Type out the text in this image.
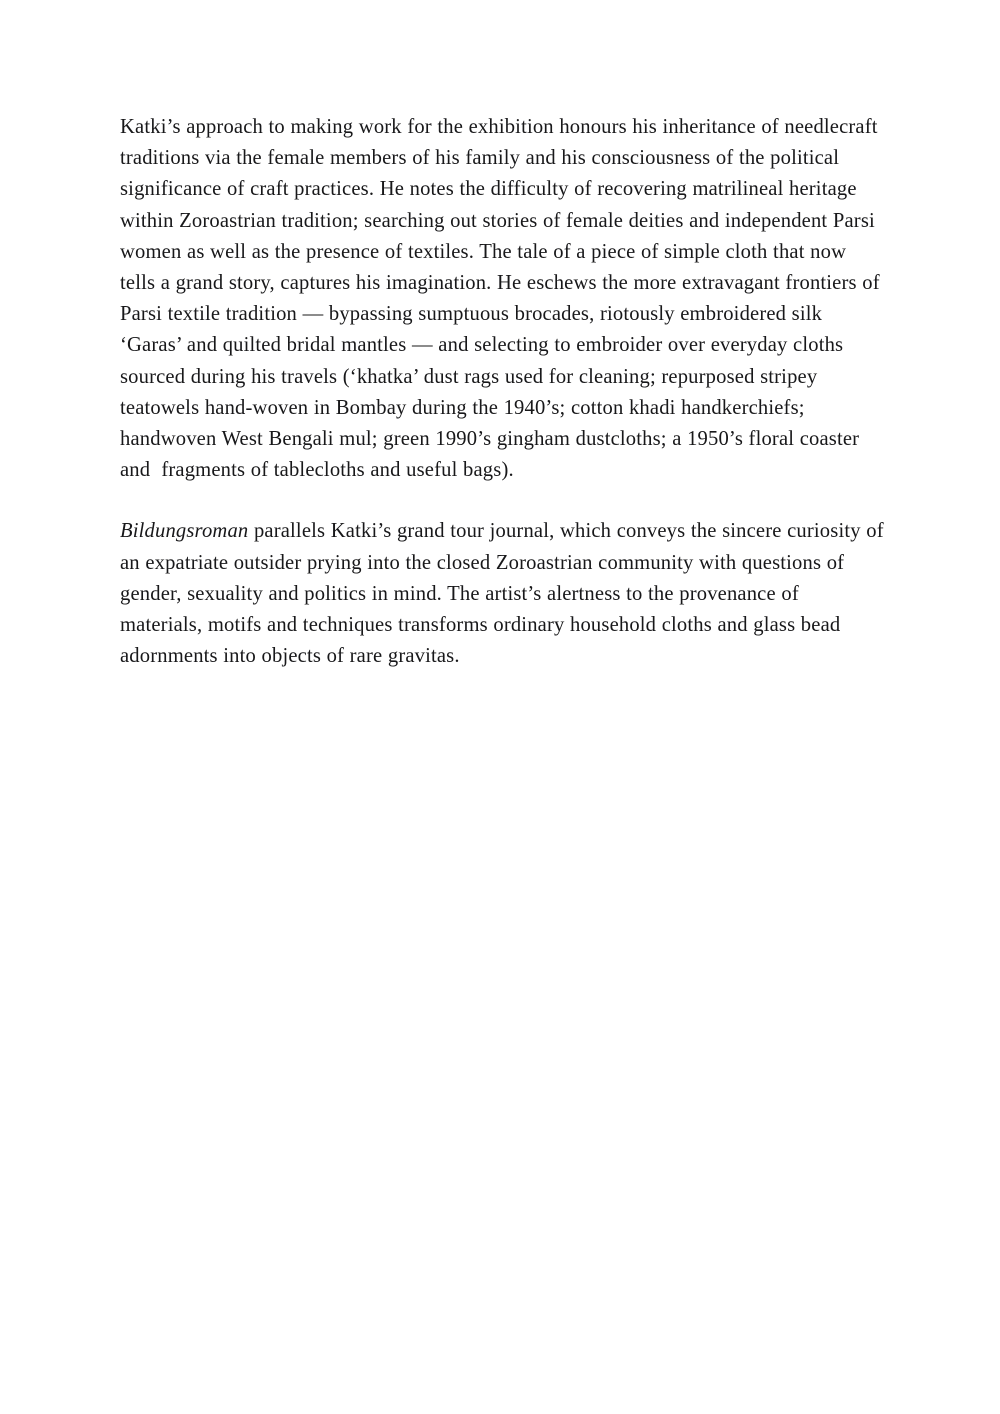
Katki’s approach to making work for the exhibition honours his inheritance of needlecraft traditions via the female members of his family and his consciousness of the political significance of craft practices. He notes the difficulty of recovering matrilineal heritage within Zoroastrian tradition; searching out stories of female deities and independent Parsi women as well as the presence of textiles. The tale of a piece of simple cloth that now tells a grand story, captures his imagination. He eschews the more extravagant frontiers of Parsi textile tradition — bypassing sumptuous brocades, riotously embroidered silk ‘Garas’ and quilted bridal mantles — and selecting to embroider over everyday cloths sourced during his travels (‘khatka’ dust rags used for cleaning; repurposed stripey teatowels hand-woven in Bombay during the 1940’s; cotton khadi handkerchiefs; handwoven West Bengali mul; green 1990’s gingham dustcloths; a 1950’s floral coaster and  fragments of tablecloths and useful bags).

Bildungsroman parallels Katki’s grand tour journal, which conveys the sincere curiosity of an expatriate outsider prying into the closed Zoroastrian community with questions of gender, sexuality and politics in mind. The artist’s alertness to the provenance of materials, motifs and techniques transforms ordinary household cloths and glass bead adornments into objects of rare gravitas.
